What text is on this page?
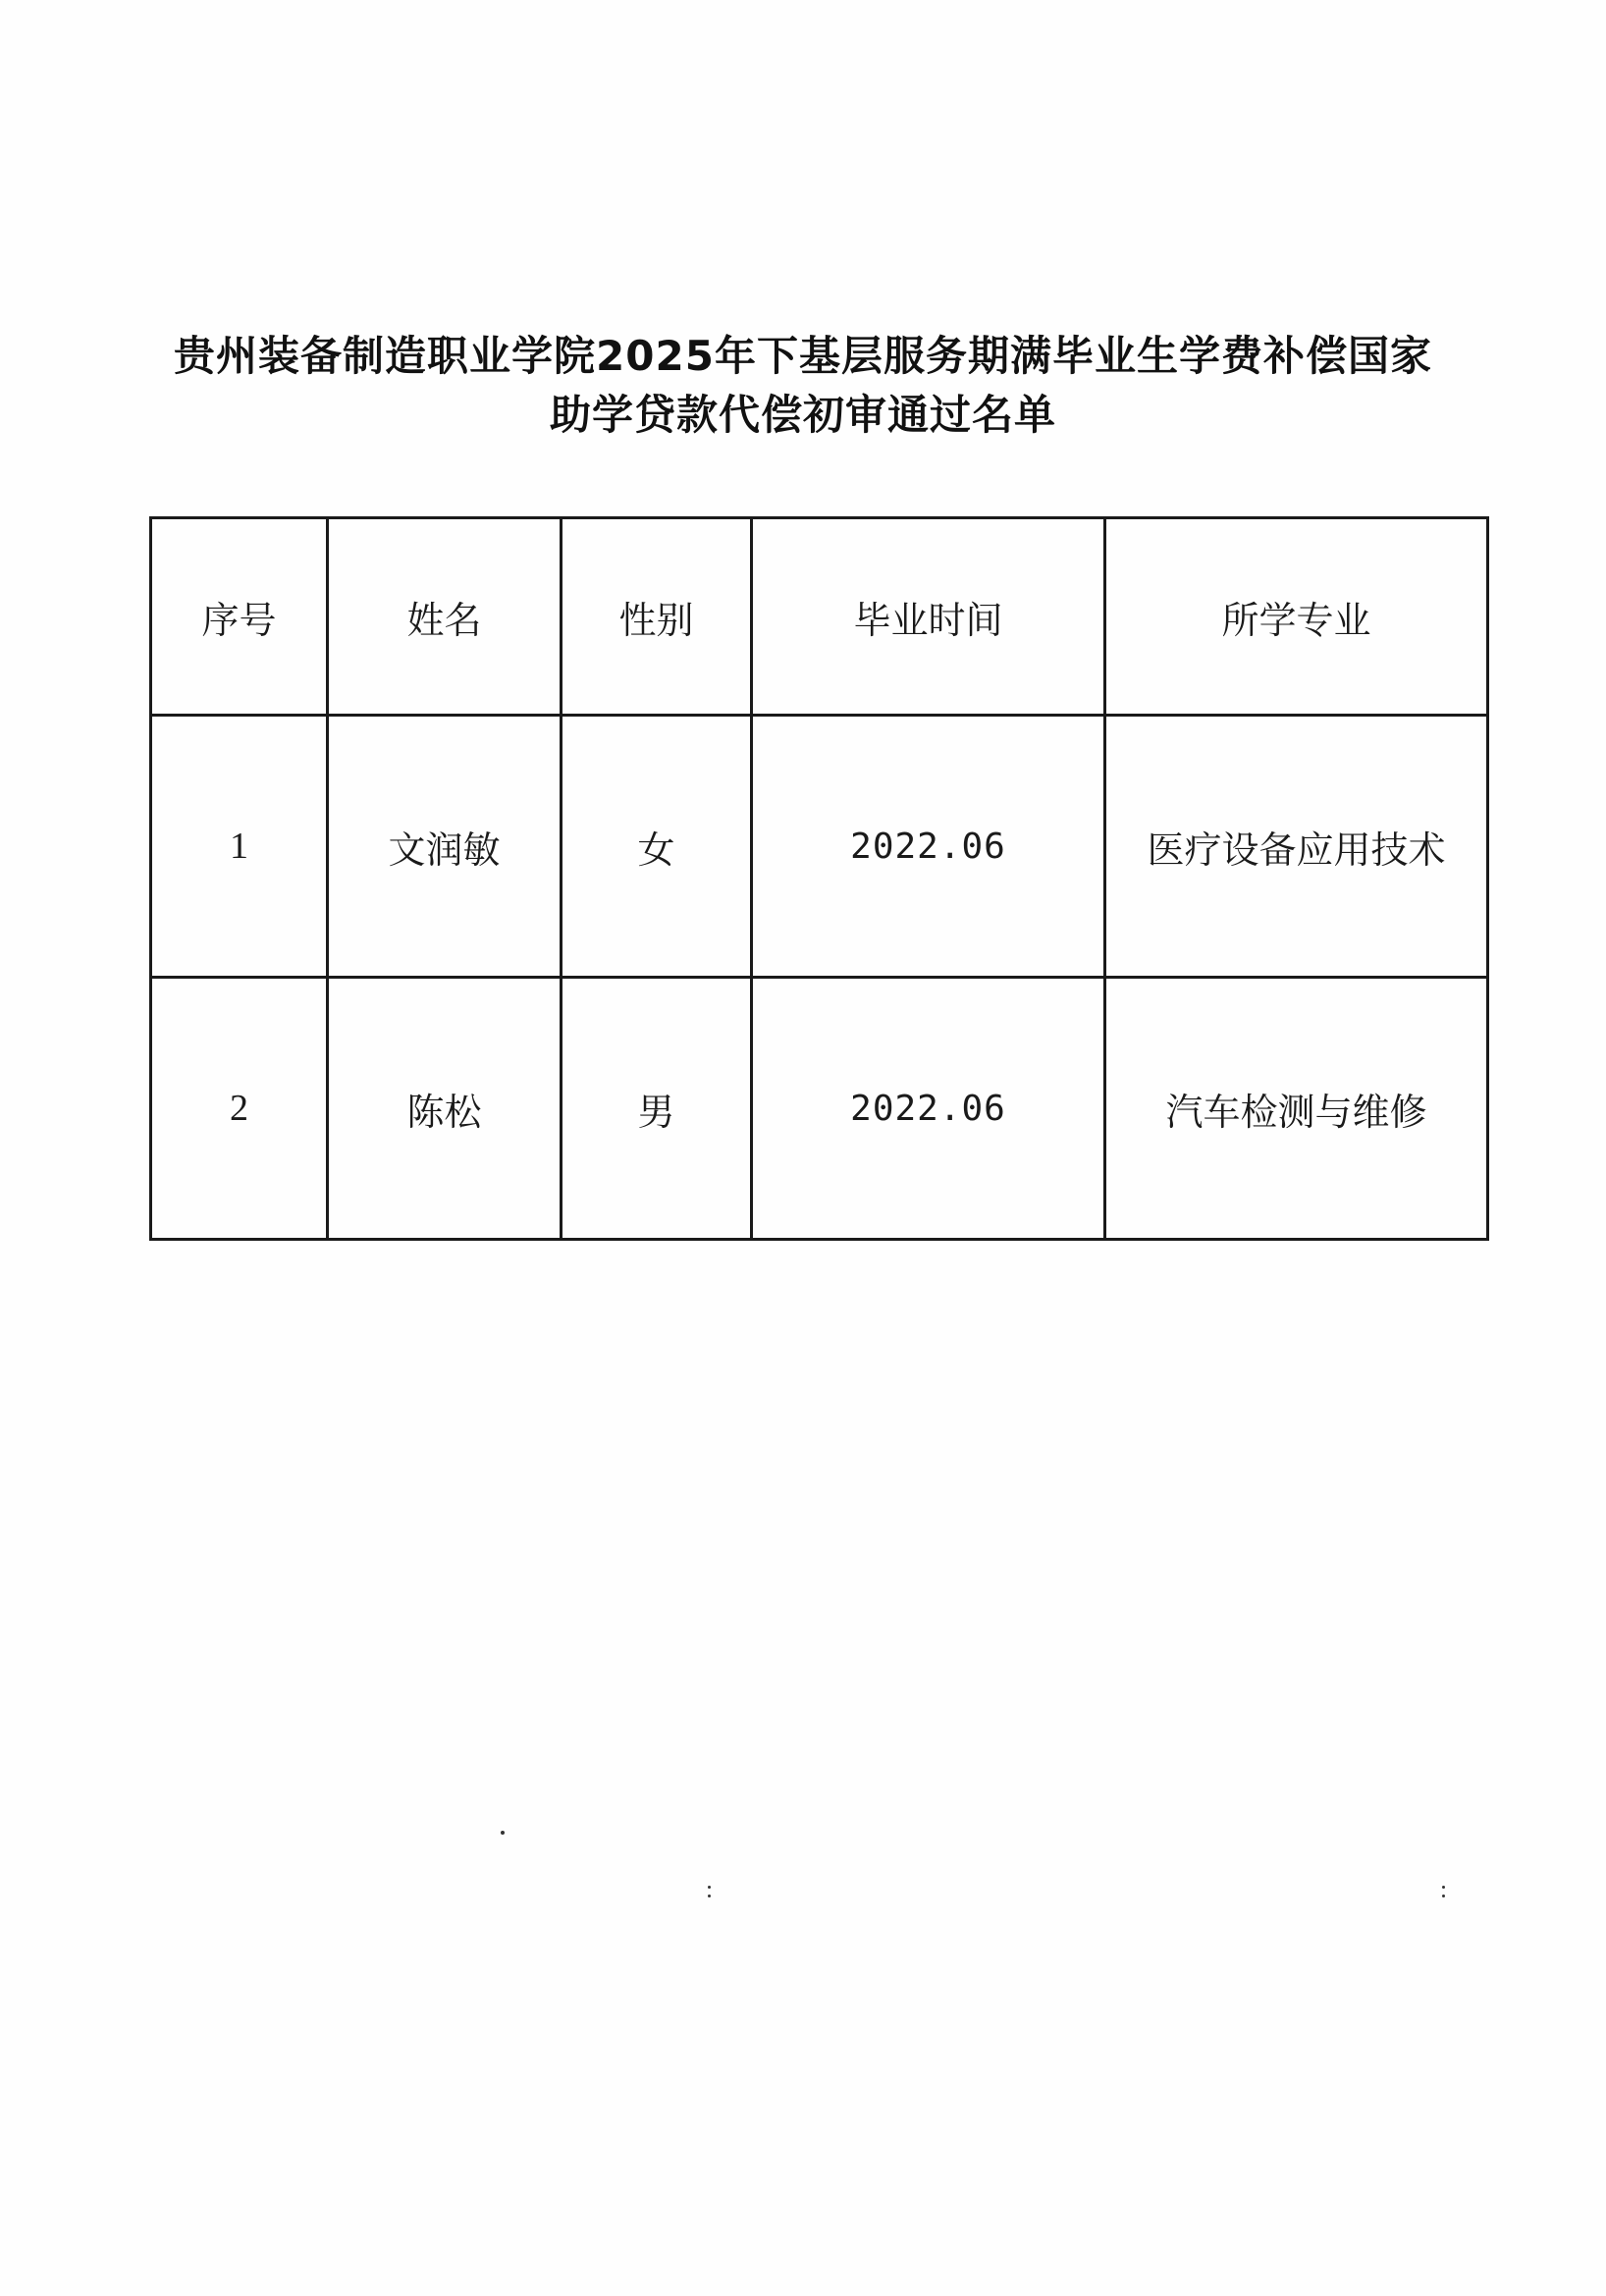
贵州装备制造职业学院2025年下基层服务期满毕业生学费补偿国家
助学贷款代偿初审通过名单
序号	姓名	性别	毕业时间	所学专业
1	文润敏	女	2022.06	医疗设备应用技术
2	陈松	男	2022.06	汽车检测与维修
